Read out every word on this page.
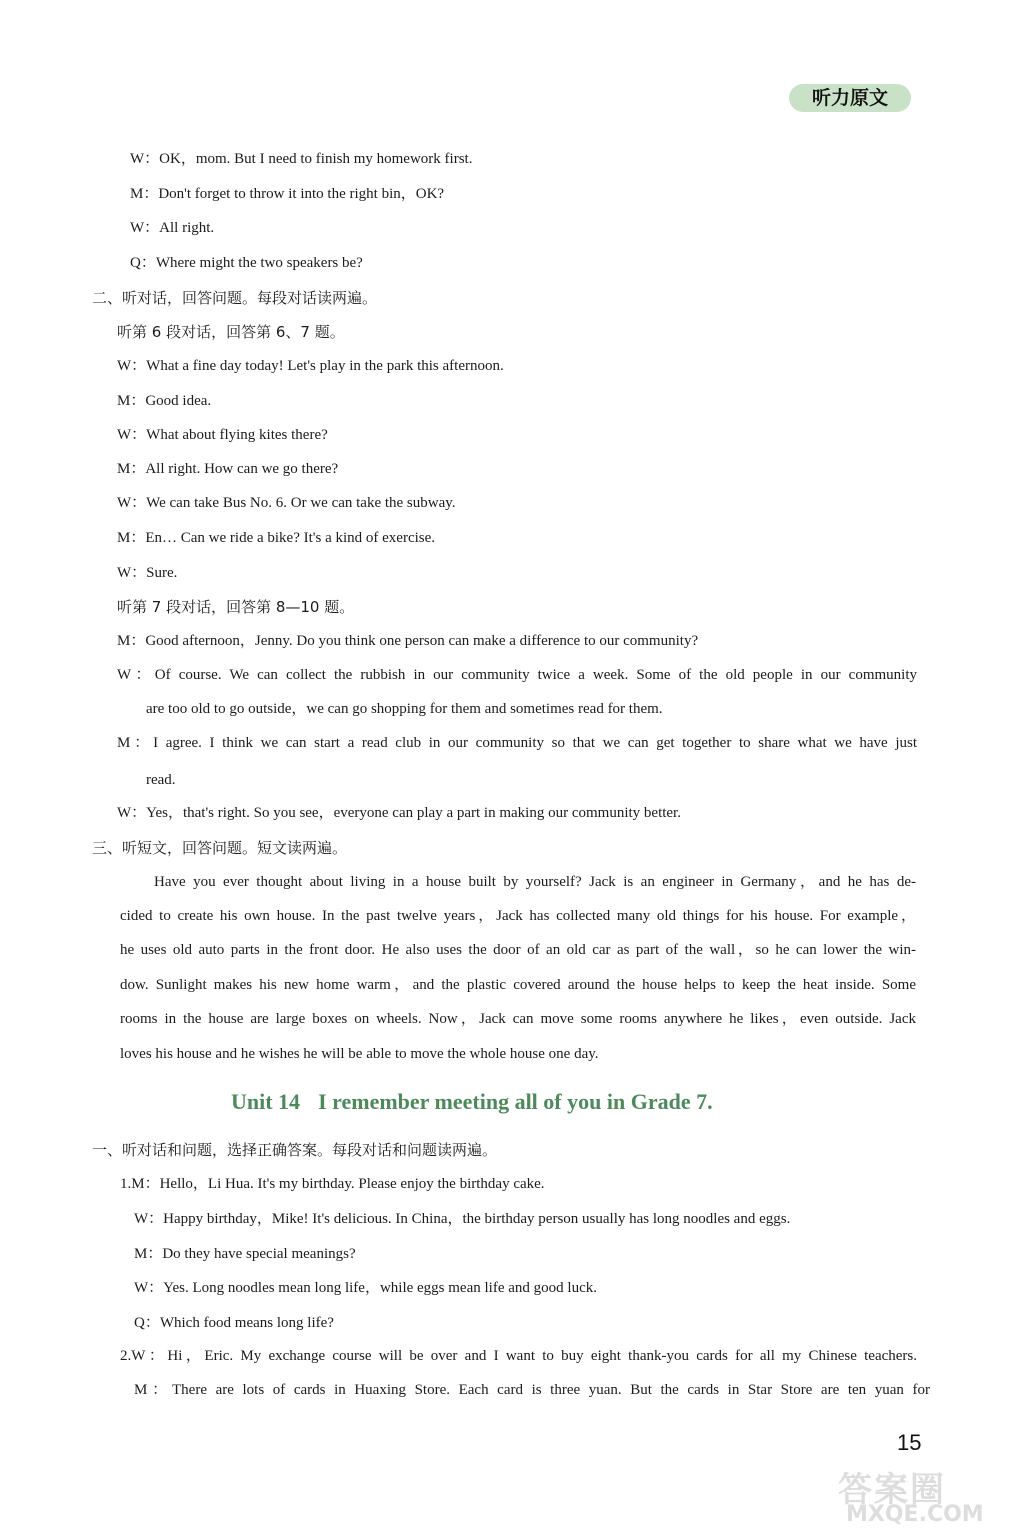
听力原文
W：OK，mom. But I need to finish my homework first.
M：Don't forget to throw it into the right bin，OK?
W：All right.
Q：Where might the two speakers be?
二、听对话，回答问题。每段对话读两遍。
听第 6 段对话，回答第 6、7 题。
W：What a fine day today! Let's play in the park this afternoon.
M：Good idea.
W：What about flying kites there?
M：All right. How can we go there?
W：We can take Bus No. 6. Or we can take the subway.
M：En… Can we ride a bike? It's a kind of exercise.
W：Sure.
听第 7 段对话，回答第 8—10 题。
M：Good afternoon，Jenny. Do you think one person can make a difference to our community?
W：Of course. We can collect the rubbish in our community twice a week. Some of the old people in our community
are too old to go outside，we can go shopping for them and sometimes read for them.
M：I agree. I think we can start a read club in our community so that we can get together to share what we have just
read.
W：Yes，that's right. So you see，everyone can play a part in making our community better.
三、听短文，回答问题。短文读两遍。
Have you ever thought about living in a house built by yourself? Jack is an engineer in Germany，and he has de-
cided to create his own house. In the past twelve years，Jack has collected many old things for his house. For example，
he uses old auto parts in the front door. He also uses the door of an old car as part of the wall，so he can lower the win-
dow. Sunlight makes his new home warm，and the plastic covered around the house helps to keep the heat inside. Some
rooms in the house are large boxes on wheels. Now，Jack can move some rooms anywhere he likes，even outside. Jack
loves his house and he wishes he will be able to move the whole house one day.
Unit 14 I remember meeting all of you in Grade 7.
一、听对话和问题，选择正确答案。每段对话和问题读两遍。
1.M：Hello，Li Hua. It's my birthday. Please enjoy the birthday cake.
W：Happy birthday，Mike! It's delicious. In China，the birthday person usually has long noodles and eggs.
M：Do they have special meanings?
W：Yes. Long noodles mean long life，while eggs mean life and good luck.
Q：Which food means long life?
2.W：Hi，Eric. My exchange course will be over and I want to buy eight thank-you cards for all my Chinese teachers.
M：There are lots of cards in Huaxing Store. Each card is three yuan. But the cards in Star Store are ten yuan for
15
答案圈
MXQE.COM
